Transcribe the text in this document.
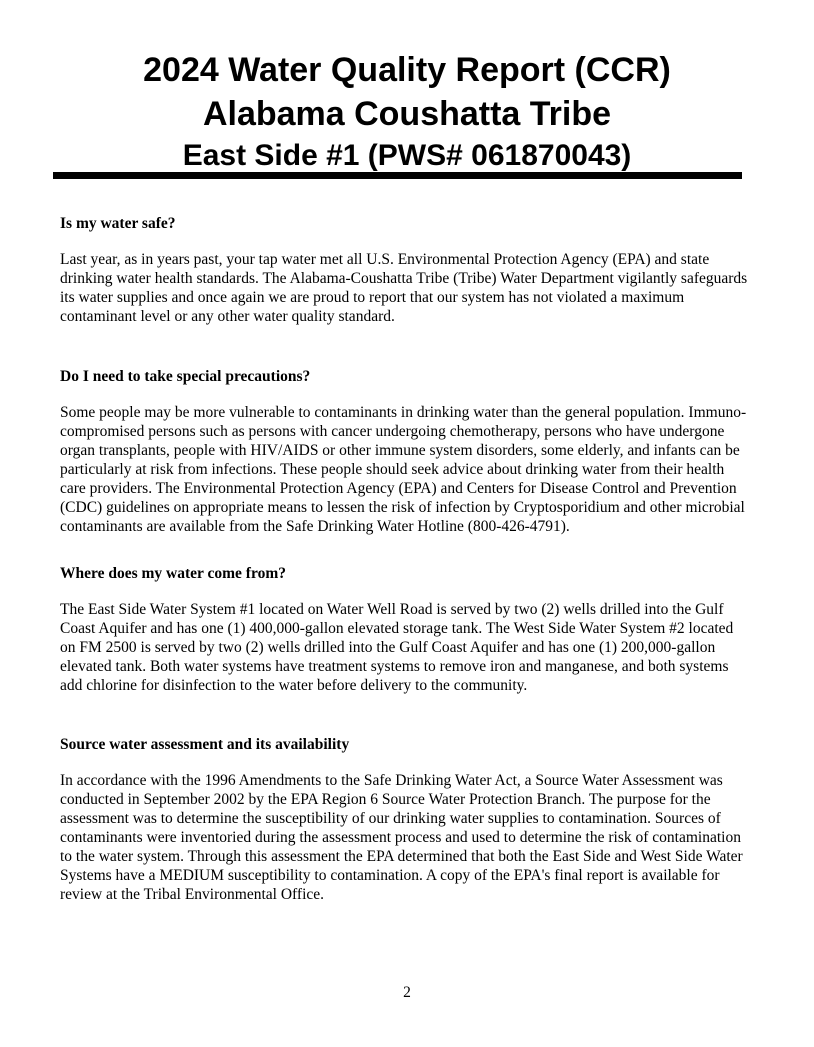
2024 Water Quality Report (CCR)

Alabama Coushatta Tribe

East Side #1 (PWS# 061870043)

Is my water safe?

Last year, as in years past, your tap water met all U.S. Environmental Protection Agency (EPA) and state drinking water health standards. The Alabama-Coushatta Tribe (Tribe) Water Department vigilantly safeguards its water supplies and once again we are proud to report that our system has not violated a maximum contaminant level or any other water quality standard.

Do I need to take special precautions?

Some people may be more vulnerable to contaminants in drinking water than the general population. Immuno-compromised persons such as persons with cancer undergoing chemotherapy, persons who have undergone organ transplants, people with HIV/AIDS or other immune system disorders, some elderly, and infants can be particularly at risk from infections. These people should seek advice about drinking water from their health care providers. The Environmental Protection Agency (EPA) and Centers for Disease Control and Prevention (CDC) guidelines on appropriate means to lessen the risk of infection by Cryptosporidium and other microbial contaminants are available from the Safe Drinking Water Hotline (800-426-4791).

Where does my water come from?

The East Side Water System #1 located on Water Well Road is served by two (2) wells drilled into the Gulf Coast Aquifer and has one (1) 400,000-gallon elevated storage tank. The West Side Water System #2 located on FM 2500 is served by two (2) wells drilled into the Gulf Coast Aquifer and has one (1) 200,000-gallon elevated tank. Both water systems have treatment systems to remove iron and manganese, and both systems add chlorine for disinfection to the water before delivery to the community.

Source water assessment and its availability

In accordance with the 1996 Amendments to the Safe Drinking Water Act, a Source Water Assessment was conducted in September 2002 by the EPA Region 6 Source Water Protection Branch. The purpose for the assessment was to determine the susceptibility of our drinking water supplies to contamination. Sources of contaminants were inventoried during the assessment process and used to determine the risk of contamination to the water system. Through this assessment the EPA determined that both the East Side and West Side Water Systems have a MEDIUM susceptibility to contamination. A copy of the EPA's final report is available for review at the Tribal Environmental Office.

2
